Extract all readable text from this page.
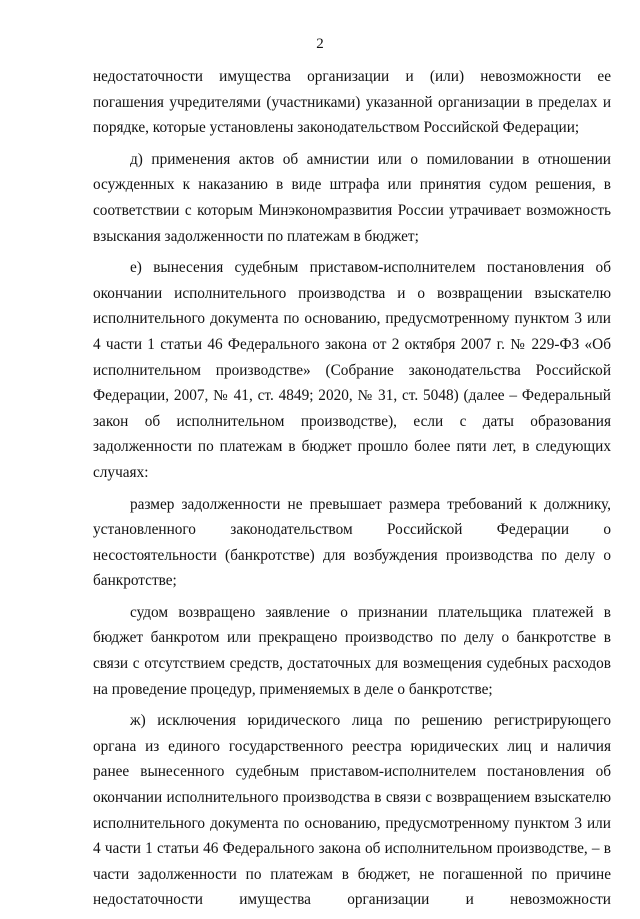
2

недостаточности имущества организации и (или) невозможности ее погашения учредителями (участниками) указанной организации в пределах и порядке, которые установлены законодательством Российской Федерации;

д) применения актов об амнистии или о помиловании в отношении осужденных к наказанию в виде штрафа или принятия судом решения, в соответствии с которым Минэкономразвития России утрачивает возможность взыскания задолженности по платежам в бюджет;

е) вынесения судебным приставом-исполнителем постановления об окончании исполнительного производства и о возвращении взыскателю исполнительного документа по основанию, предусмотренному пунктом 3 или 4 части 1 статьи 46 Федерального закона от 2 октября 2007 г. № 229-ФЗ «Об исполнительном производстве» (Собрание законодательства Российской Федерации, 2007, № 41, ст. 4849; 2020, № 31, ст. 5048) (далее – Федеральный закон об исполнительном производстве), если с даты образования задолженности по платежам в бюджет прошло более пяти лет, в следующих случаях:

размер задолженности не превышает размера требований к должнику, установленного законодательством Российской Федерации о несостоятельности (банкротстве) для возбуждения производства по делу о банкротстве;

судом возвращено заявление о признании плательщика платежей в бюджет банкротом или прекращено производство по делу о банкротстве в связи с отсутствием средств, достаточных для возмещения судебных расходов на проведение процедур, применяемых в деле о банкротстве;

ж) исключения юридического лица по решению регистрирующего органа из единого государственного реестра юридических лиц и наличия ранее вынесенного судебным приставом-исполнителем постановления об окончании исполнительного производства в связи с возвращением взыскателю исполнительного документа по основанию, предусмотренному пунктом 3 или 4 части 1 статьи 46 Федерального закона об исполнительном производстве, – в части задолженности по платежам в бюджет, не погашенной по причине недостаточности имущества организации и невозможности
